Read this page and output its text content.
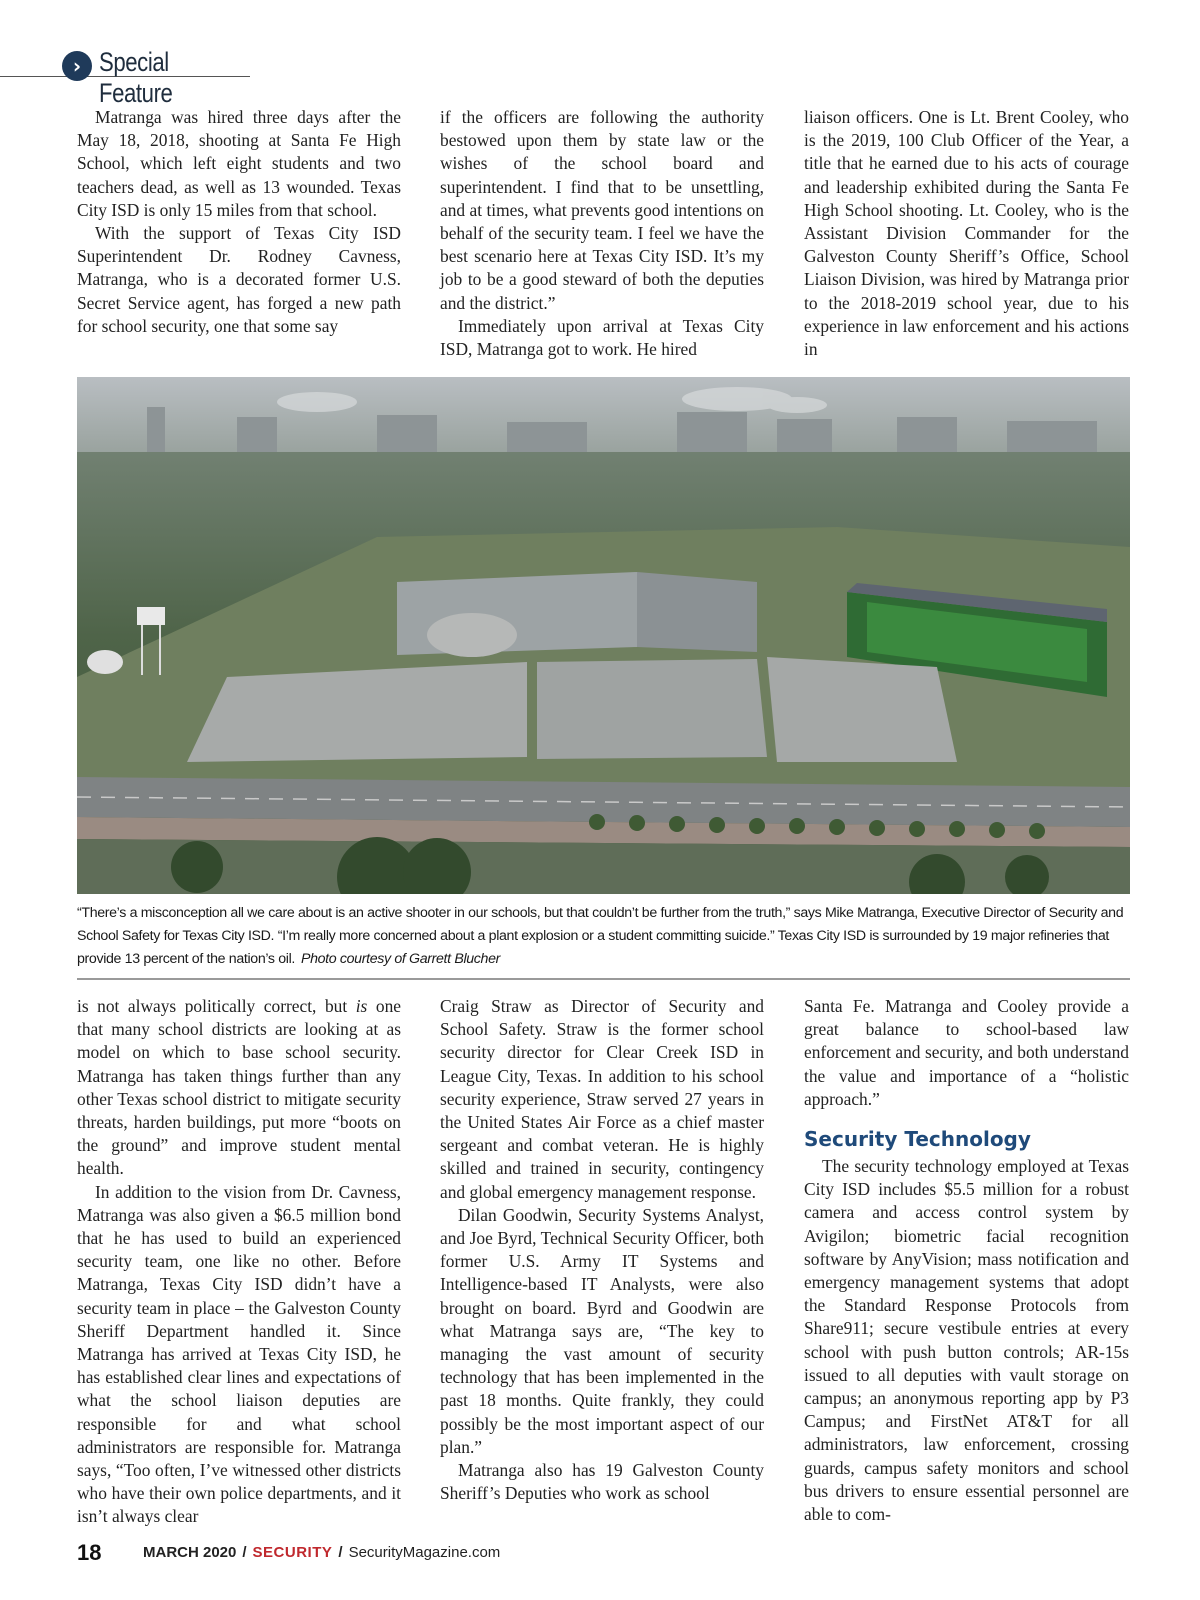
› Special Feature

Matranga was hired three days after the May 18, 2018, shooting at Santa Fe High School, which left eight students and two teachers dead, as well as 13 wounded. Texas City ISD is only 15 miles from that school.

With the support of Texas City ISD Superintendent Dr. Rodney Cavness, Matranga, who is a decorated former U.S. Secret Service agent, has forged a new path for school security, one that some say

if the officers are following the authority bestowed upon them by state law or the wishes of the school board and superintendent. I find that to be unsettling, and at times, what prevents good intentions on behalf of the security team. I feel we have the best scenario here at Texas City ISD. It’s my job to be a good steward of both the deputies and the district.”

Immediately upon arrival at Texas City ISD, Matranga got to work. He hired

liaison officers. One is Lt. Brent Cooley, who is the 2019, 100 Club Officer of the Year, a title that he earned due to his acts of courage and leadership exhibited during the Santa Fe High School shooting. Lt. Cooley, who is the Assistant Division Commander for the Galveston County Sheriff’s Office, School Liaison Division, was hired by Matranga prior to the 2018-2019 school year, due to his experience in law enforcement and his actions in

“There’s a misconception all we care about is an active shooter in our schools, but that couldn’t be further from the truth,” says Mike Matranga, Executive Director of Security and School Safety for Texas City ISD. “I’m really more concerned about a plant explosion or a student committing suicide.” Texas City ISD is surrounded by 19 major refineries that provide 13 percent of the nation’s oil. Photo courtesy of Garrett Blucher

is not always politically correct, but is one that many school districts are looking at as model on which to base school security. Matranga has taken things further than any other Texas school district to mitigate security threats, harden buildings, put more “boots on the ground” and improve student mental health.

In addition to the vision from Dr. Cavness, Matranga was also given a $6.5 million bond that he has used to build an experienced security team, one like no other. Before Matranga, Texas City ISD didn’t have a security team in place – the Galveston County Sheriff Department handled it. Since Matranga has arrived at Texas City ISD, he has established clear lines and expectations of what the school liaison deputies are responsible for and what school administrators are responsible for. Matranga says, “Too often, I’ve witnessed other districts who have their own police departments, and it isn’t always clear

Craig Straw as Director of Security and School Safety. Straw is the former school security director for Clear Creek ISD in League City, Texas. In addition to his school security experience, Straw served 27 years in the United States Air Force as a chief master sergeant and combat veteran. He is highly skilled and trained in security, contingency and global emergency management response.

Dilan Goodwin, Security Systems Analyst, and Joe Byrd, Technical Security Officer, both former U.S. Army IT Systems and Intelligence-based IT Analysts, were also brought on board. Byrd and Goodwin are what Matranga says are, “The key to managing the vast amount of security technology that has been implemented in the past 18 months. Quite frankly, they could possibly be the most important aspect of our plan.”

Matranga also has 19 Galveston County Sheriff’s Deputies who work as school

Santa Fe. Matranga and Cooley provide a great balance to school-based law enforcement and security, and both understand the value and importance of a “holistic approach.”

Security Technology

The security technology employed at Texas City ISD includes $5.5 million for a robust camera and access control system by Avigilon; biometric facial recognition software by AnyVision; mass notification and emergency management systems that adopt the Standard Response Protocols from Share911; secure vestibule entries at every school with push button controls; AR-15s issued to all deputies with vault storage on campus; an anonymous reporting app by P3 Campus; and FirstNet AT&T for all administrators, law enforcement, crossing guards, campus safety monitors and school bus drivers to ensure essential personnel are able to com-

18	MARCH 2020 / SECURITY / SecurityMagazine.com
